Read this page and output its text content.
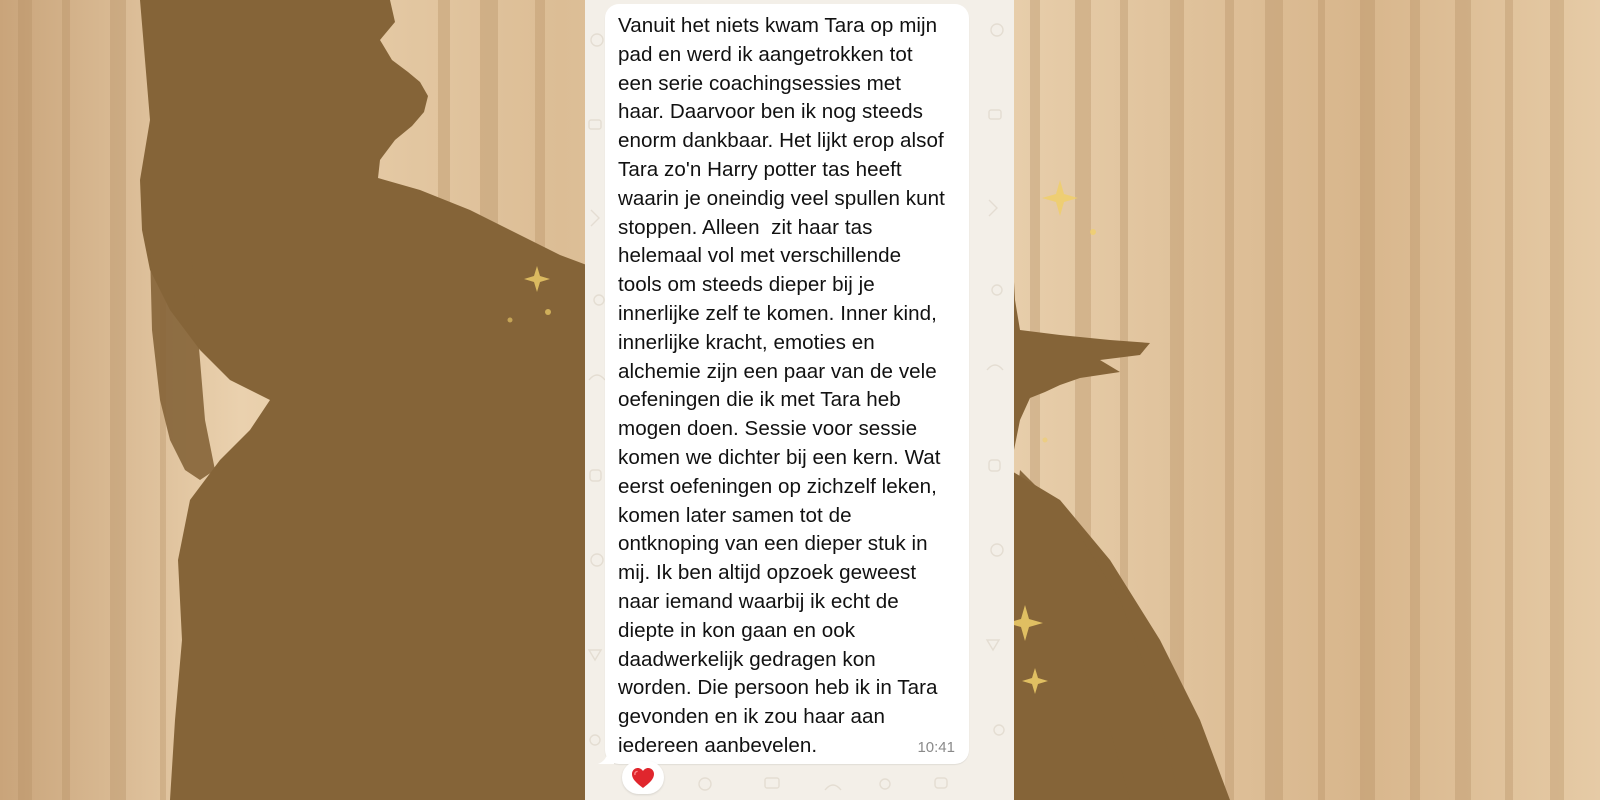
Vanuit het niets kwam Tara op mijn
pad en werd ik aangetrokken tot
een serie coachingsessies met
haar. Daarvoor ben ik nog steeds
enorm dankbaar. Het lijkt erop alsof
Tara zo'n Harry potter tas heeft
waarin je oneindig veel spullen kunt
stoppen. Alleen  zit haar tas
helemaal vol met verschillende
tools om steeds dieper bij je
innerlijke zelf te komen. Inner kind,
innerlijke kracht, emoties en
alchemie zijn een paar van de vele
oefeningen die ik met Tara heb
mogen doen. Sessie voor sessie
komen we dichter bij een kern. Wat
eerst oefeningen op zichzelf leken,
komen later samen tot de
ontknoping van een dieper stuk in
mij. Ik ben altijd opzoek geweest
naar iemand waarbij ik echt de
diepte in kon gaan en ook
daadwerkelijk gedragen kon
worden. Die persoon heb ik in Tara
gevonden en ik zou haar aan
iedereen aanbevelen.	10:41
